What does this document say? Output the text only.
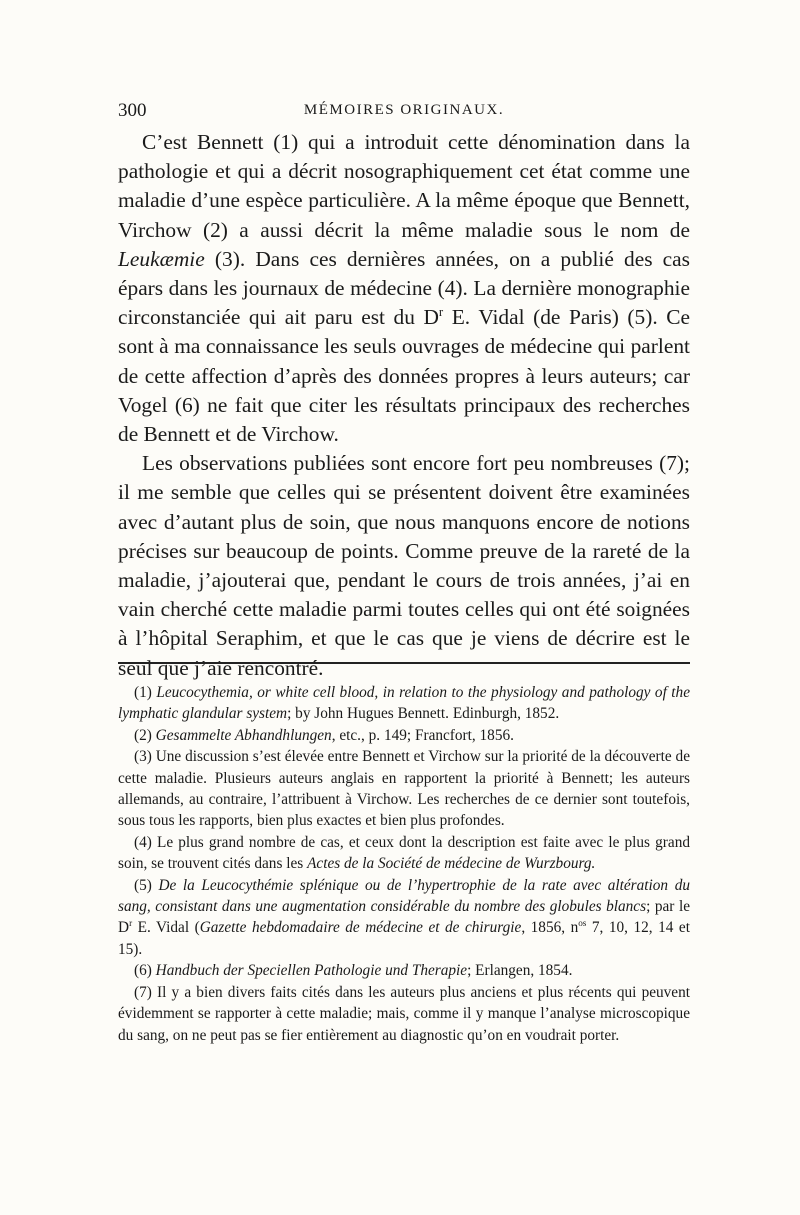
300	MÉMOIRES ORIGINAUX.

C’est Bennett (1) qui a introduit cette dénomination dans la pathologie et qui a décrit nosographiquement cet état comme une maladie d’une espèce particulière. A la même époque que Bennett, Virchow (2) a aussi décrit la même maladie sous le nom de Leukæmie (3). Dans ces dernières années, on a publié des cas épars dans les journaux de médecine (4). La dernière monographie circonstanciée qui ait paru est du $D^r$ E. Vidal (de Paris) (5). Ce sont à ma connaissance les seuls ouvrages de médecine qui parlent de cette affection d’après des données propres à leurs auteurs; car Vogel (6) ne fait que citer les résultats principaux des recherches de Bennett et de Virchow.

Les observations publiées sont encore fort peu nombreuses (7); il me semble que celles qui se présentent doivent être examinées avec d’autant plus de soin, que nous manquons encore de notions précises sur beaucoup de points. Comme preuve de la rareté de la maladie, j’ajouterai que, pendant le cours de trois années, j’ai en vain cherché cette maladie parmi toutes celles qui ont été soignées à l’hôpital Seraphim, et que le cas que je viens de décrire est le seul que j’aie rencontré.

(1) Leucocythemia, or white cell blood, in relation to the physiology and pathology of the lymphatic glandular system; by John Hugues Bennett. Edinburgh, 1852.

(2) Gesammelte Abhandhlungen, etc., p. 149; Francfort, 1856.

(3) Une discussion s’est élevée entre Bennett et Virchow sur la priorité de la découverte de cette maladie. Plusieurs auteurs anglais en rapportent la priorité à Bennett; les auteurs allemands, au contraire, l’attribuent à Virchow. Les recherches de ce dernier sont toutefois, sous tous les rapports, bien plus exactes et bien plus profondes.

(4) Le plus grand nombre de cas, et ceux dont la description est faite avec le plus grand soin, se trouvent cités dans les Actes de la Société de médecine de Wurzbourg.

(5) De la Leucocythémie splénique ou de l’hypertrophie de la rate avec altération du sang, consistant dans une augmentation considérable du nombre des globules blancs; par le $D^r$ E. Vidal (Gazette hebdomadaire de médecine et de chirurgie, 1856, $n^{os}$ 7, 10, 12, 14 et 15).

(6) Handbuch der Speciellen Pathologie und Therapie; Erlangen, 1854.

(7) Il y a bien divers faits cités dans les auteurs plus anciens et plus récents qui peuvent évidemment se rapporter à cette maladie; mais, comme il y manque l’analyse microscopique du sang, on ne peut pas se fier entièrement au diagnostic qu’on en voudrait porter.
